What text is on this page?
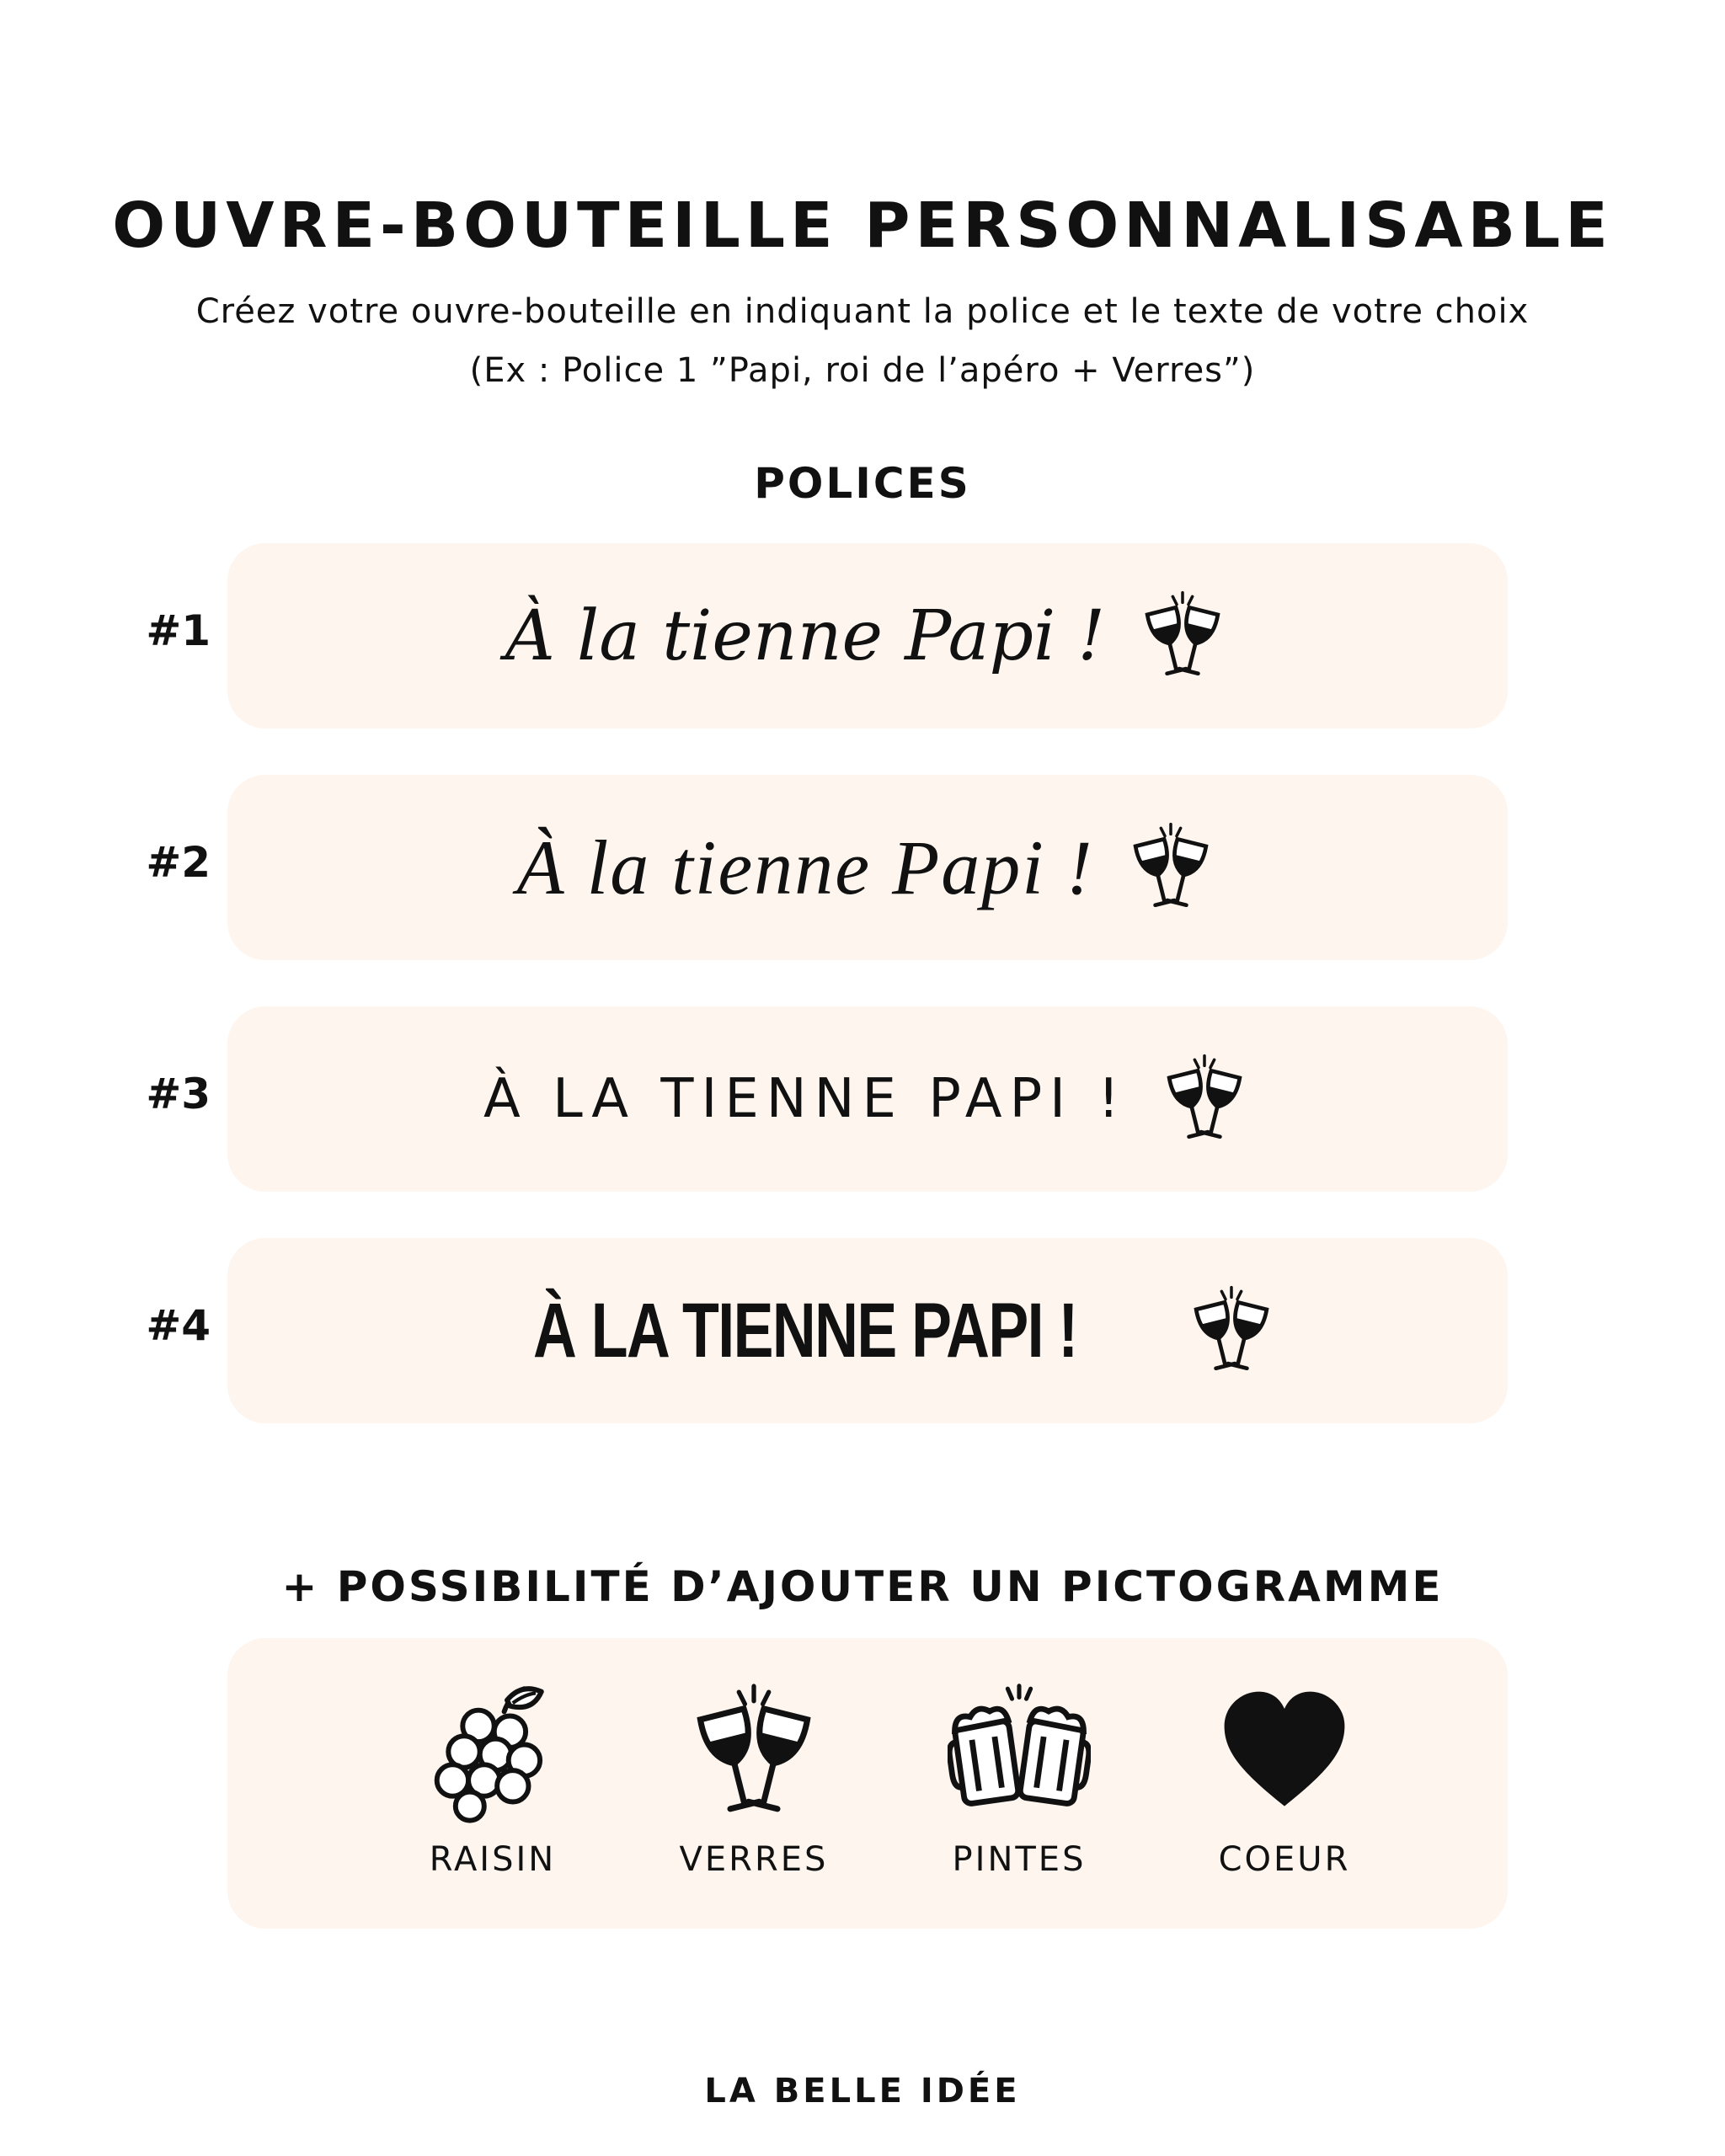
OUVRE-BOUTEILLE PERSONNALISABLE
Créez votre ouvre-bouteille en indiquant la police et le texte de votre choix
(Ex : Police 1 ”Papi, roi de l’apéro + Verres”)
POLICES
#1	À la tienne Papi !
#2	À la tienne Papi !
#3	À LA TIENNE PAPI !
#4	À LA TIENNE PAPI !
+ POSSIBILITÉ D’AJOUTER UN PICTOGRAMME
RAISIN	VERRES	PINTES	COEUR
LA BELLE IDÉE
